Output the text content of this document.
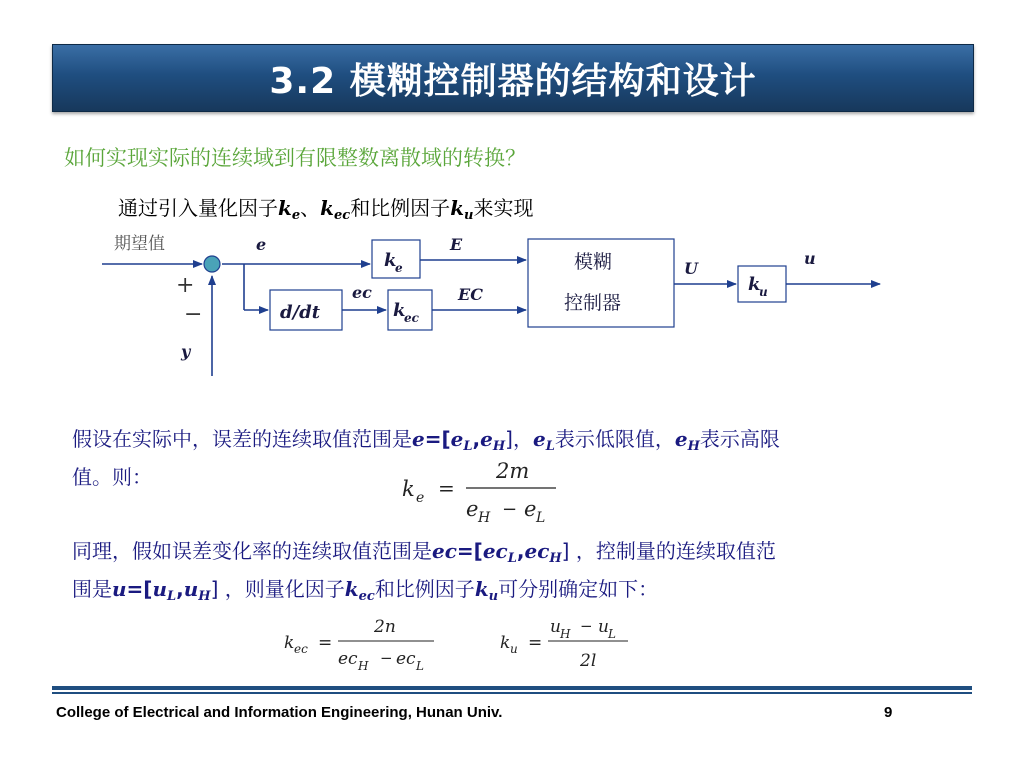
3.2 模糊控制器的结构和设计
如何实现实际的连续域到有限整数离散域的转换？
通过引入量化因子$k_e$、$k_{ec}$和比例因子$k_u$来实现
期望值
+
−
y
e	E
ec	EC
U
u
d/dt
k
e
k
ec
k
u
模糊
控制器
假设在实际中，误差的连续取值范围是$e=[e_L,e_H]$，$e_L$表示低限值，$e_H$表示高限
值。则：	k e =
2m
e H − e L
同理，假如误差变化率的连续取值范围是$ec=[ec_L,ec_H]$ ，控制量的连续取值范
围是$u=[u_L,u_H]$ ，则量化因子$k_{ec}$和比例因子$k_u$可分别确定如下：
k ec =
2n
ec H − ec L
k u =
u H − u L
2l
College of Electrical and Information Engineering, Hunan Univ.	9
